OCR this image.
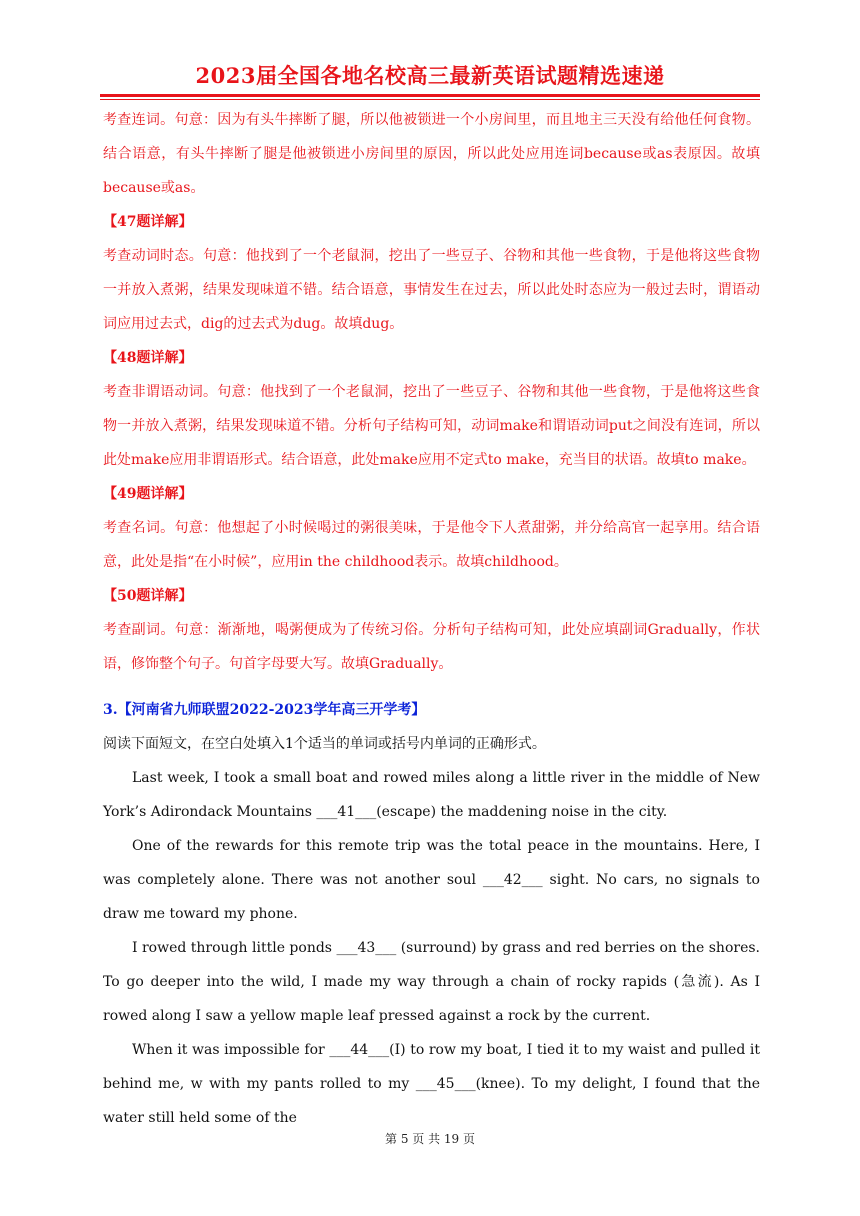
2023届全国各地名校高三最新英语试题精选速递

考查连词。句意：因为有头牛摔断了腿，所以他被锁进一个小房间里，而且地主三天没有给他任何食物。结合语意，有头牛摔断了腿是他被锁进小房间里的原因，所以此处应用连词because或as表原因。故填because或as。

【47题详解】

考查动词时态。句意：他找到了一个老鼠洞，挖出了一些豆子、谷物和其他一些食物，于是他将这些食物一并放入煮粥，结果发现味道不错。结合语意，事情发生在过去，所以此处时态应为一般过去时，谓语动词应用过去式，dig的过去式为dug。故填dug。

【48题详解】

考查非谓语动词。句意：他找到了一个老鼠洞，挖出了一些豆子、谷物和其他一些食物，于是他将这些食物一并放入煮粥，结果发现味道不错。分析句子结构可知，动词make和谓语动词put之间没有连词，所以此处make应用非谓语形式。结合语意，此处make应用不定式to make，充当目的状语。故填to make。

【49题详解】

考查名词。句意：他想起了小时候喝过的粥很美味，于是他令下人煮甜粥，并分给高官一起享用。结合语意，此处是指“在小时候”，应用in the childhood表示。故填childhood。

【50题详解】

考查副词。句意：渐渐地，喝粥便成为了传统习俗。分析句子结构可知，此处应填副词Gradually，作状语，修饰整个句子。句首字母要大写。故填Gradually。

3.【河南省九师联盟2022-2023学年高三开学考】

阅读下面短文，在空白处填入1个适当的单词或括号内单词的正确形式。

Last week, I took a small boat and rowed miles along a little river in the middle of New York’s Adirondack Mountains ___41___(escape) the maddening noise in the city.

One of the rewards for this remote trip was the total peace in the mountains. Here, I was completely alone. There was not another soul ___42___ sight. No cars, no signals to draw me toward my phone.

I rowed through little ponds ___43___ (surround) by grass and red berries on the shores. To go deeper into the wild, I made my way through a chain of rocky rapids (急流). As I rowed along I saw a yellow maple leaf pressed against a rock by the current.

When it was impossible for ___44___(I) to row my boat, I tied it to my waist and pulled it behind me, w with my pants rolled to my ___45___(knee). To my delight, I found that the water still held some of the

第 5 页 共 19 页
